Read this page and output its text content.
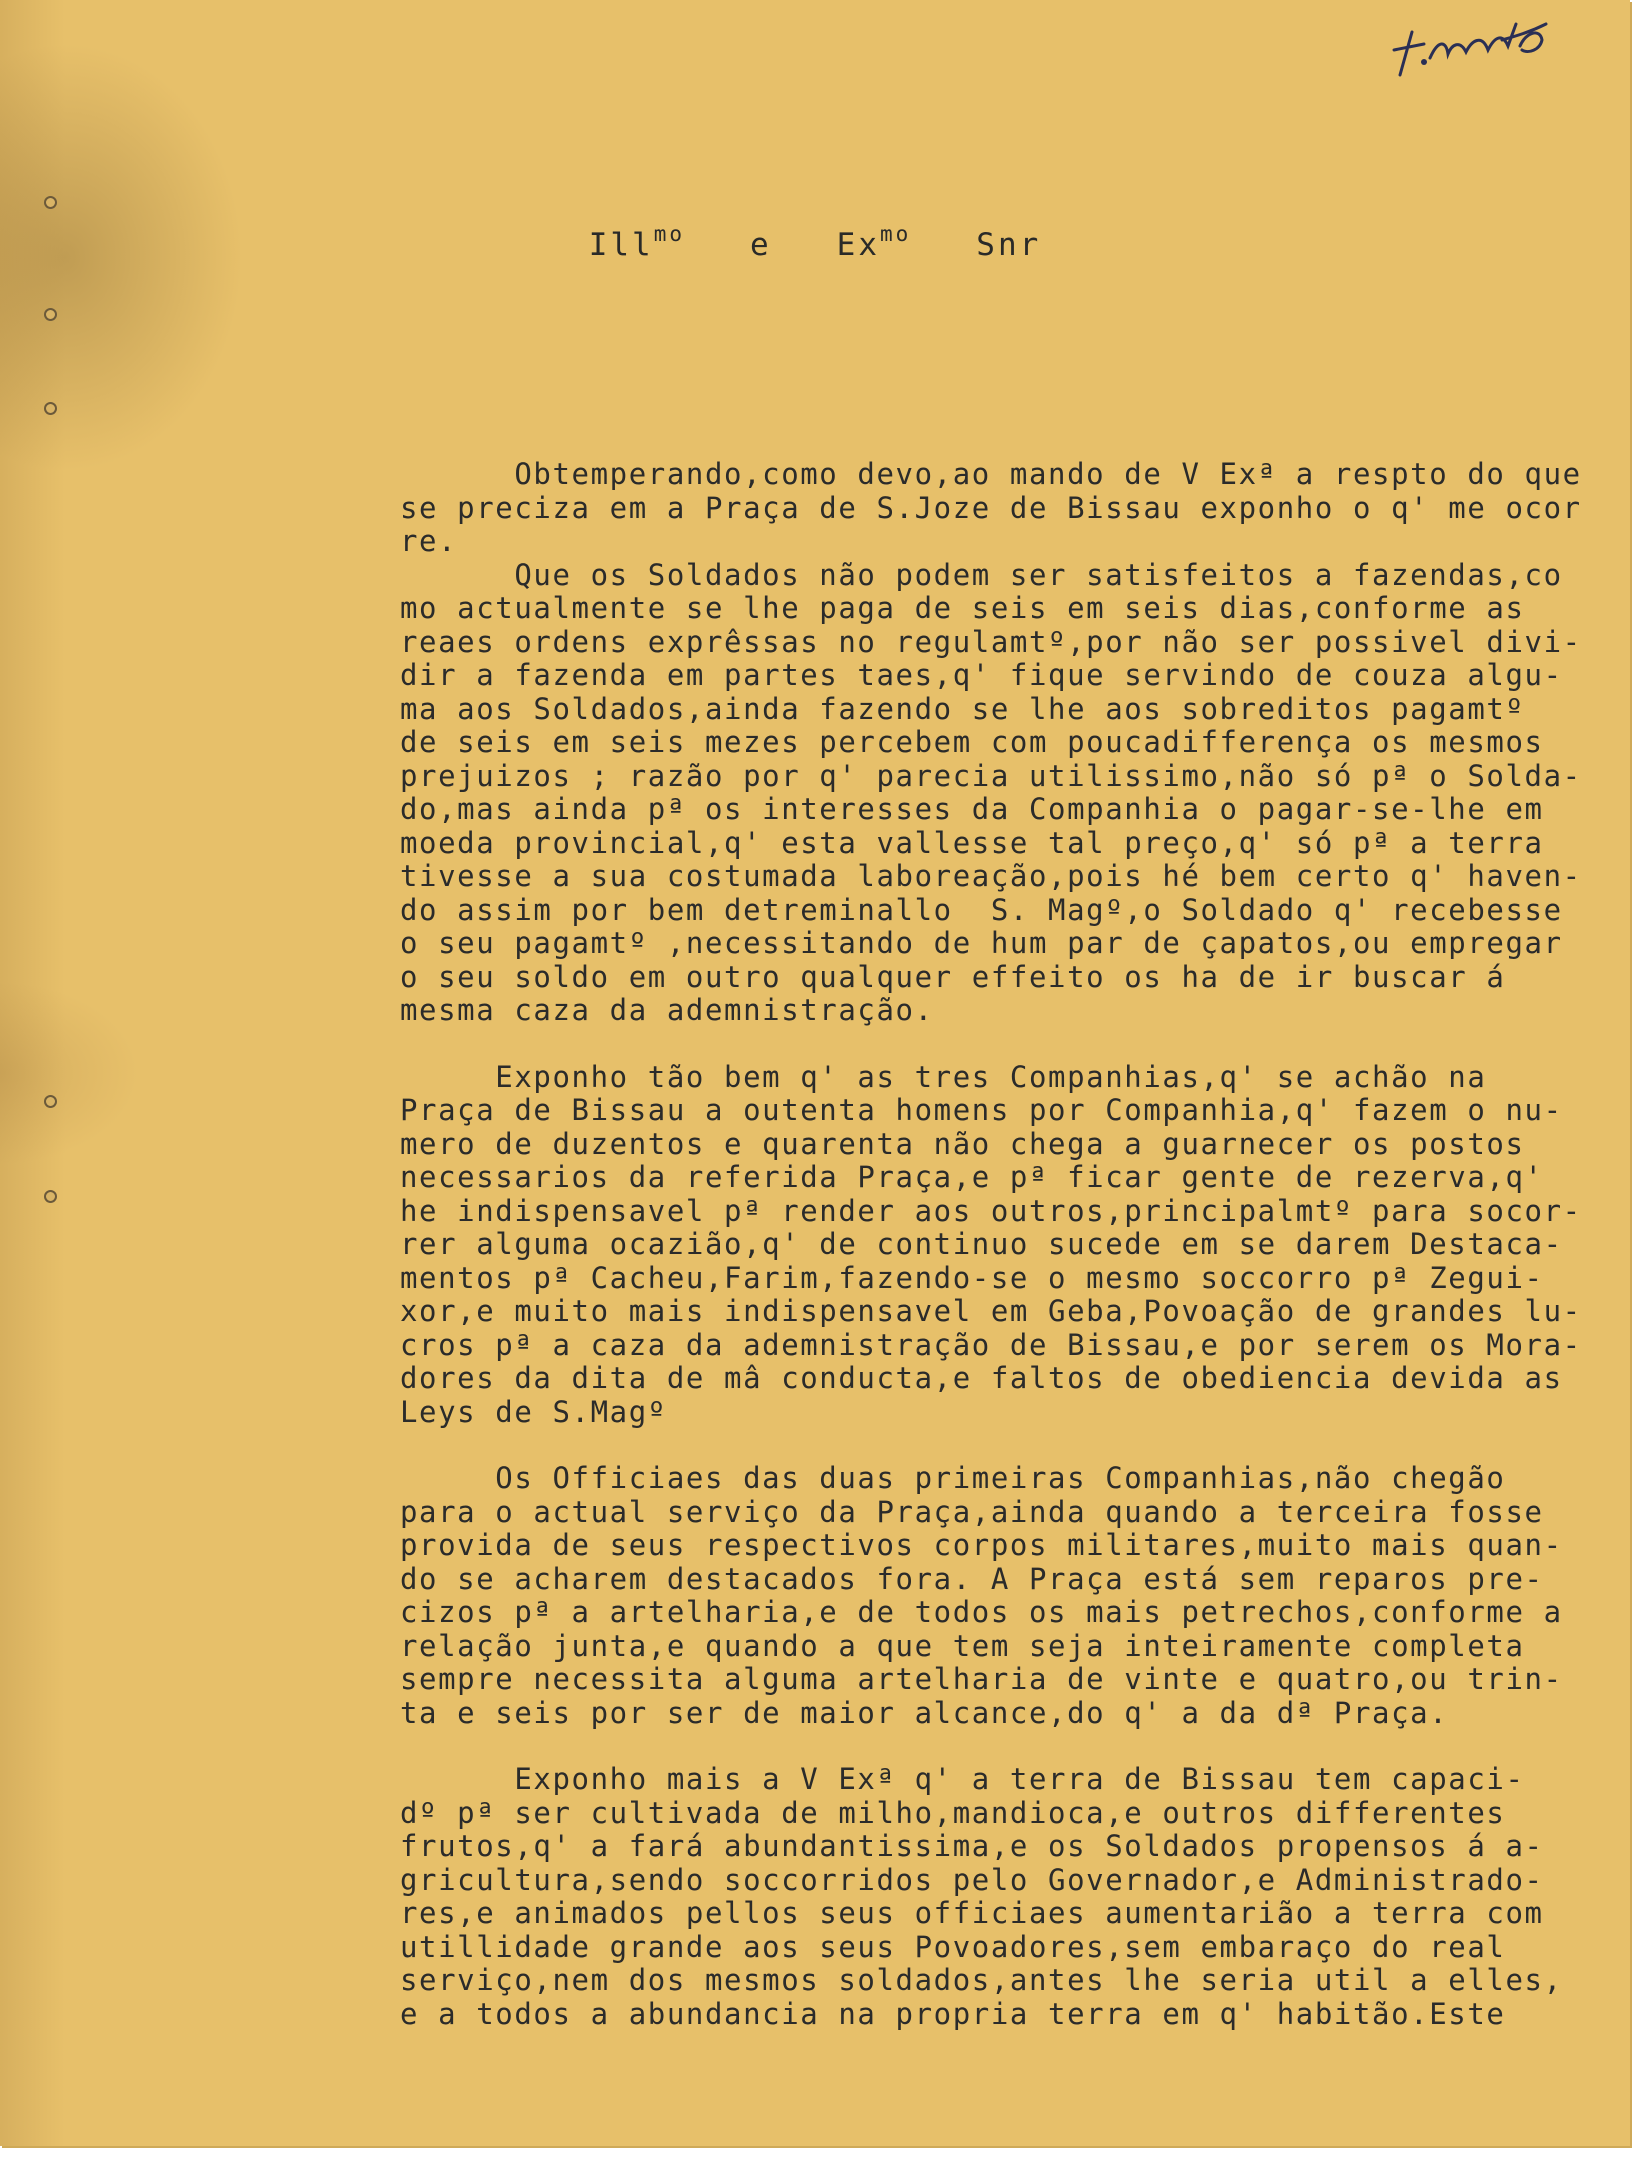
Ill$^{mo}$ e $Ex^{mo}$ Snr
Obtemperando,como devo,ao mando de V Exª a respto do que
se preciza em a Praça de S.Joze de Bissau exponho o q' me ocor
re.
Que os Soldados não podem ser satisfeitos a fazendas,co
mo actualmente se lhe paga de seis em seis dias,conforme as
reaes ordens exprêssas no regulamtº,por não ser possivel divi-
dir a fazenda em partes taes,q' fique servindo de couza algu-
ma aos Soldados,ainda fazendo se lhe aos sobreditos pagamtº
de seis em seis mezes percebem com poucadifferença os mesmos
prejuizos ; razão por q' parecia utilissimo,não só pª o Solda-
do,mas ainda pª os interesses da Companhia o pagar-se-lhe em
moeda provincial,q' esta vallesse tal preço,q' só pª a terra
tivesse a sua costumada laboreação,pois hé bem certo q' haven-
do assim por bem detreminallo  S. Magº,o Soldado q' recebesse
o seu pagamtº ,necessitando de hum par de çapatos,ou empregar
o seu soldo em outro qualquer effeito os ha de ir buscar á
mesma caza da ademnistração.
Exponho tão bem q' as tres Companhias,q' se achão na
Praça de Bissau a outenta homens por Companhia,q' fazem o nu-
mero de duzentos e quarenta não chega a guarnecer os postos
necessarios da referida Praça,e pª ficar gente de rezerva,q'
he indispensavel pª render aos outros,principalmtº para socor-
rer alguma ocazião,q' de continuo sucede em se darem Destaca-
mentos pª Cacheu,Farim,fazendo-se o mesmo soccorro pª Zegui-
xor,e muito mais indispensavel em Geba,Povoação de grandes lu-
cros pª a caza da ademnistração de Bissau,e por serem os Mora-
dores da dita de mâ conducta,e faltos de obediencia devida as
Leys de S.Magº
Os Officiaes das duas primeiras Companhias,não chegão
para o actual serviço da Praça,ainda quando a terceira fosse
provida de seus respectivos corpos militares,muito mais quan-
do se acharem destacados fora. A Praça está sem reparos pre-
cizos pª a artelharia,e de todos os mais petrechos,conforme a
relação junta,e quando a que tem seja inteiramente completa
sempre necessita alguma artelharia de vinte e quatro,ou trin-
ta e seis por ser de maior alcance,do q' a da dª Praça.
Exponho mais a V Exª q' a terra de Bissau tem capaci-
dº pª ser cultivada de milho,mandioca,e outros differentes
frutos,q' a fará abundantissima,e os Soldados propensos á a-
gricultura,sendo soccorridos pelo Governador,e Administrado-
res,e animados pellos seus officiaes aumentarião a terra com
utillidade grande aos seus Povoadores,sem embaraço do real
serviço,nem dos mesmos soldados,antes lhe seria util a elles,
e a todos a abundancia na propria terra em q' habitão.Este
